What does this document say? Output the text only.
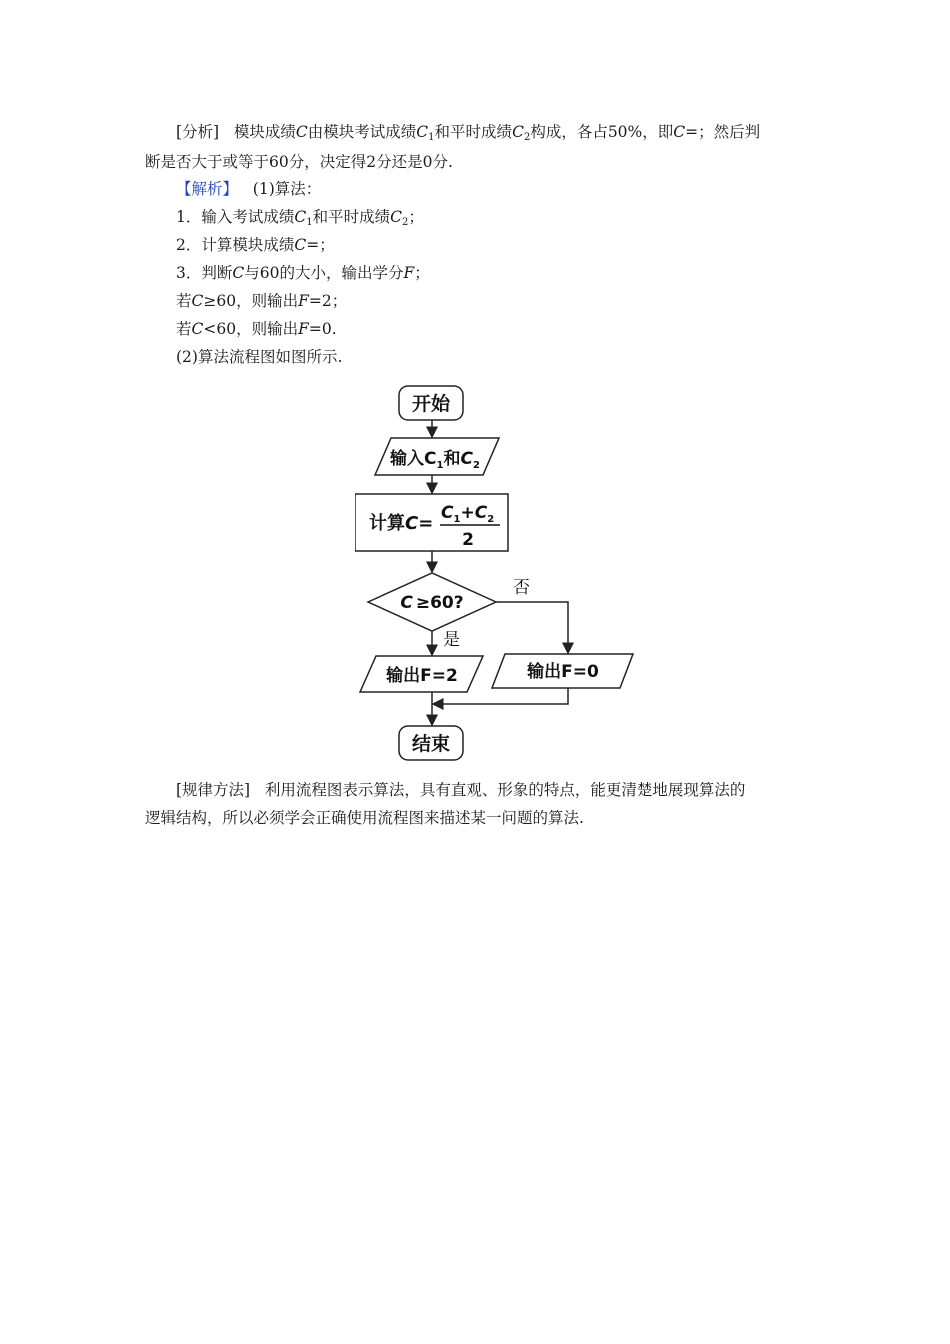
[分析] 模块成绩C由模块考试成绩$C_1$和平时成绩$C_2$构成，各占50%，即C=；然后判
断是否大于或等于60分，决定得2分还是0分.
【解析】 (1)算法：
1．输入考试成绩$C_1$和平时成绩$C_2$；
2．计算模块成绩C=；
3．判断C与60的大小，输出学分F；
若C≥60，则输出F=2；
若C<60，则输出F=0.
(2)算法流程图如图所示.
开始
输入$C_1$和$C_2$
计算$C= C_1+C_2$
2
C ≥60?
否
是
输出F=2	输出F=0
结束
[规律方法] 利用流程图表示算法，具有直观、形象的特点，能更清楚地展现算法的
逻辑结构，所以必须学会正确使用流程图来描述某一问题的算法.
